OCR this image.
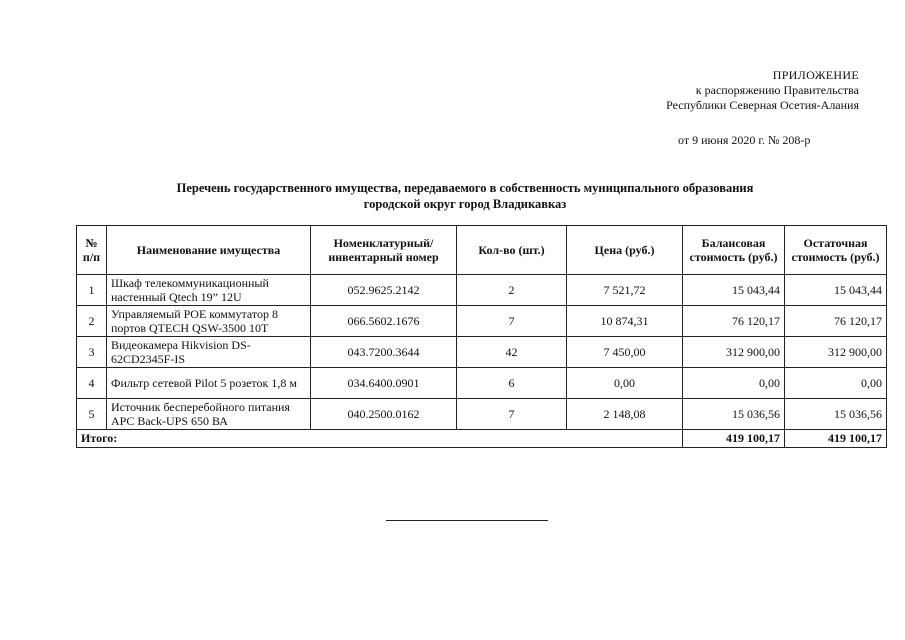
ПРИЛОЖЕНИЕ
к распоряжению Правительства
Республики Северная Осетия-Алания
от 9 июня 2020 г. № 208-р
Перечень государственного имущества, передаваемого в собственность муниципального образования
городской округ город Владикавказ
№ п/п	Наименование имущества	Номенклатурный/ инвентарный номер	Кол-во (шт.)	Цена (руб.)	Балансовая стоимость (руб.)	Остаточная стоимость (руб.)
1	Шкаф телекоммуникационный настенный Qtech 19” 12U	052.9625.2142	2	7 521,72	15 043,44	15 043,44
2	Управляемый POE коммутатор 8 портов QTECH QSW-3500 10T	066.5602.1676	7	10 874,31	76 120,17	76 120,17
3	Видеокамера Hikvision DS-62CD2345F-IS	043.7200.3644	42	7 450,00	312 900,00	312 900,00
4	Фильтр сетевой Pilot 5 розеток 1,8 м	034.6400.0901	6	0,00	0,00	0,00
5	Источник бесперебойного питания APC Back-UPS 650 ВА	040.2500.0162	7	2 148,08	15 036,56	15 036,56
Итого:					419 100,17	419 100,17
